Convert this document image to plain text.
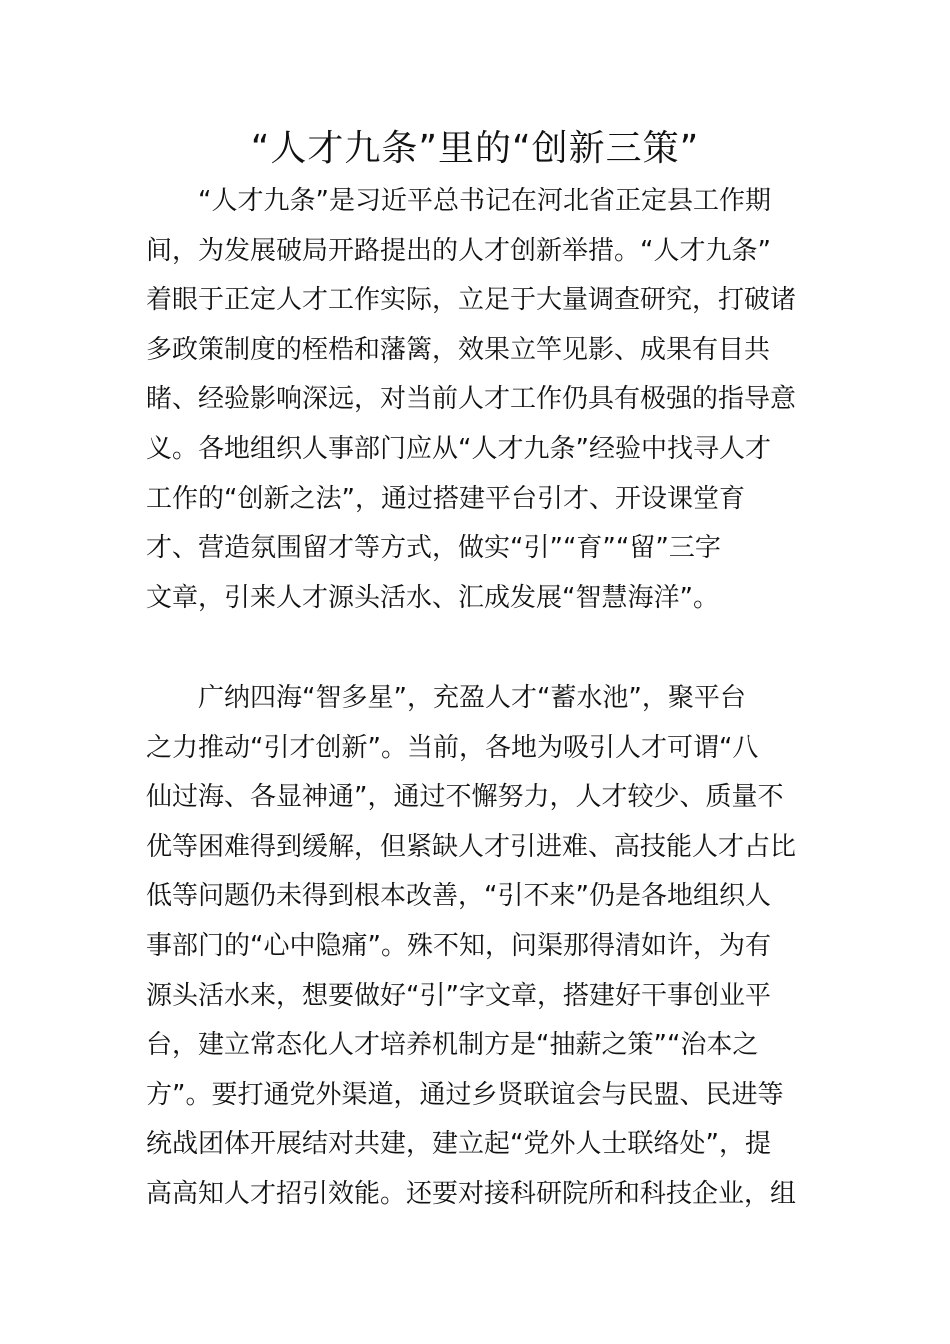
“人才九条”里的“创新三策”
　　“人才九条”是习近平总书记在河北省正定县工作期
间，为发展破局开路提出的人才创新举措。“人才九条”
着眼于正定人才工作实际，立足于大量调查研究，打破诸
多政策制度的桎梏和藩篱，效果立竿见影、成果有目共
睹、经验影响深远，对当前人才工作仍具有极强的指导意
义。各地组织人事部门应从“人才九条”经验中找寻人才
工作的“创新之法”，通过搭建平台引才、开设课堂育
才、营造氛围留才等方式，做实“引”“育”“留”三字
文章，引来人才源头活水、汇成发展“智慧海洋”。
　　广纳四海“智多星”，充盈人才“蓄水池”，聚平台
之力推动“引才创新”。当前，各地为吸引人才可谓“八
仙过海、各显神通”，通过不懈努力，人才较少、质量不
优等困难得到缓解，但紧缺人才引进难、高技能人才占比
低等问题仍未得到根本改善，“引不来”仍是各地组织人
事部门的“心中隐痛”。殊不知，问渠那得清如许，为有
源头活水来，想要做好“引”字文章，搭建好干事创业平
台，建立常态化人才培养机制方是“抽薪之策”“治本之
方”。要打通党外渠道，通过乡贤联谊会与民盟、民进等
统战团体开展结对共建，建立起“党外人士联络处”，提
高高知人才招引效能。还要对接科研院所和科技企业，组
